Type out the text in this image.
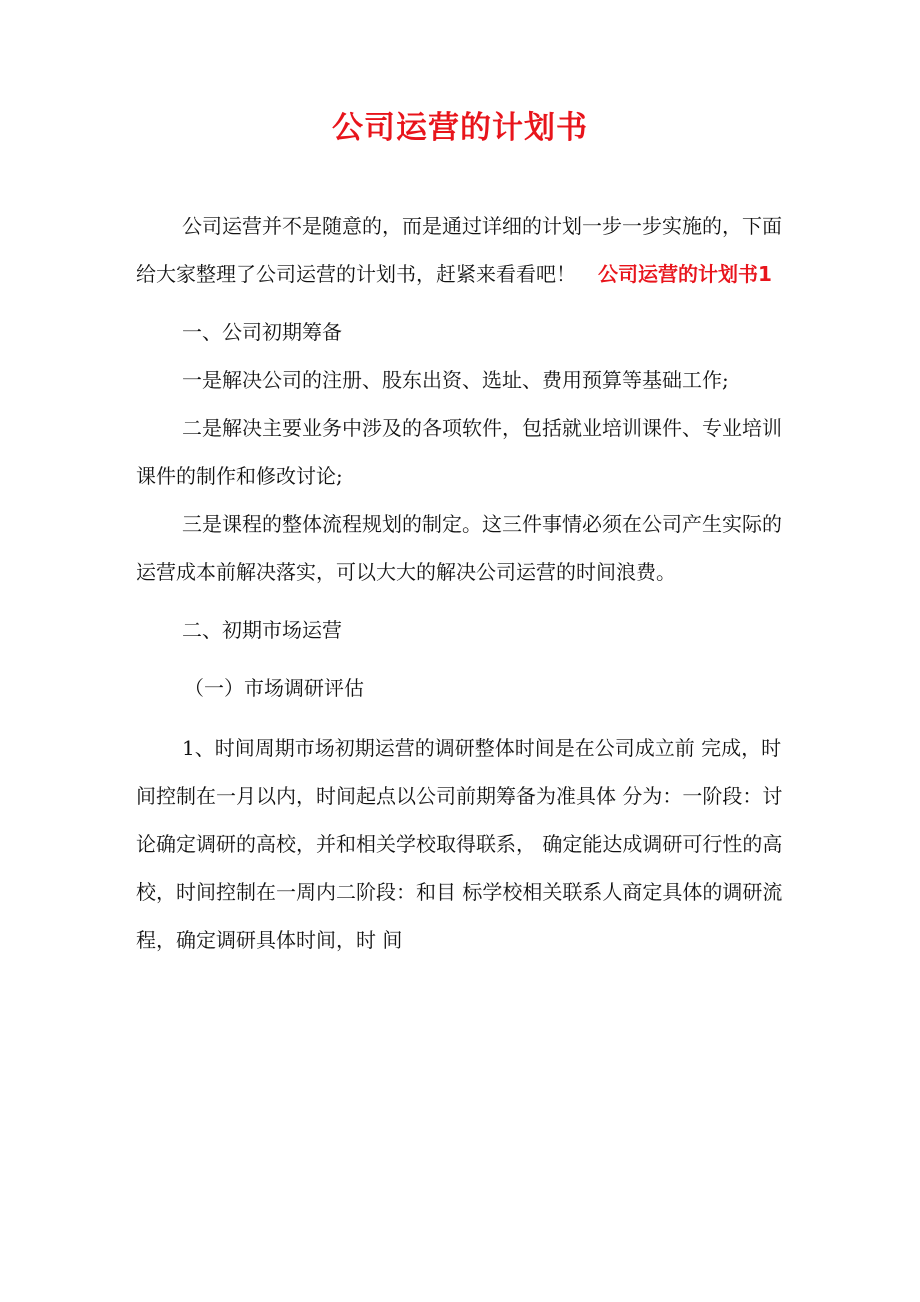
公司运营的计划书

公司运营并不是随意的，而是通过详细的计划一步一步实施的，下面给大家整理了公司运营的计划书，赶紧来看看吧！ 公司运营的计划书1

一、公司初期筹备

一是解决公司的注册、股东出资、选址、费用预算等基础工作;

二是解决主要业务中涉及的各项软件，包括就业培训课件、专业培训课件的制作和修改讨论;

三是课程的整体流程规划的制定。这三件事情必须在公司产生实际的运营成本前解决落实，可以大大的解决公司运营的时间浪费。

二、初期市场运营

（一）市场调研评估

1、时间周期市场初期运营的调研整体时间是在公司成立前 完成，时间控制在一月以内，时间起点以公司前期筹备为准具体 分为：一阶段：讨论确定调研的高校，并和相关学校取得联系， 确定能达成调研可行性的高校，时间控制在一周内二阶段：和目 标学校相关联系人商定具体的调研流程，确定调研具体时间，时 间
